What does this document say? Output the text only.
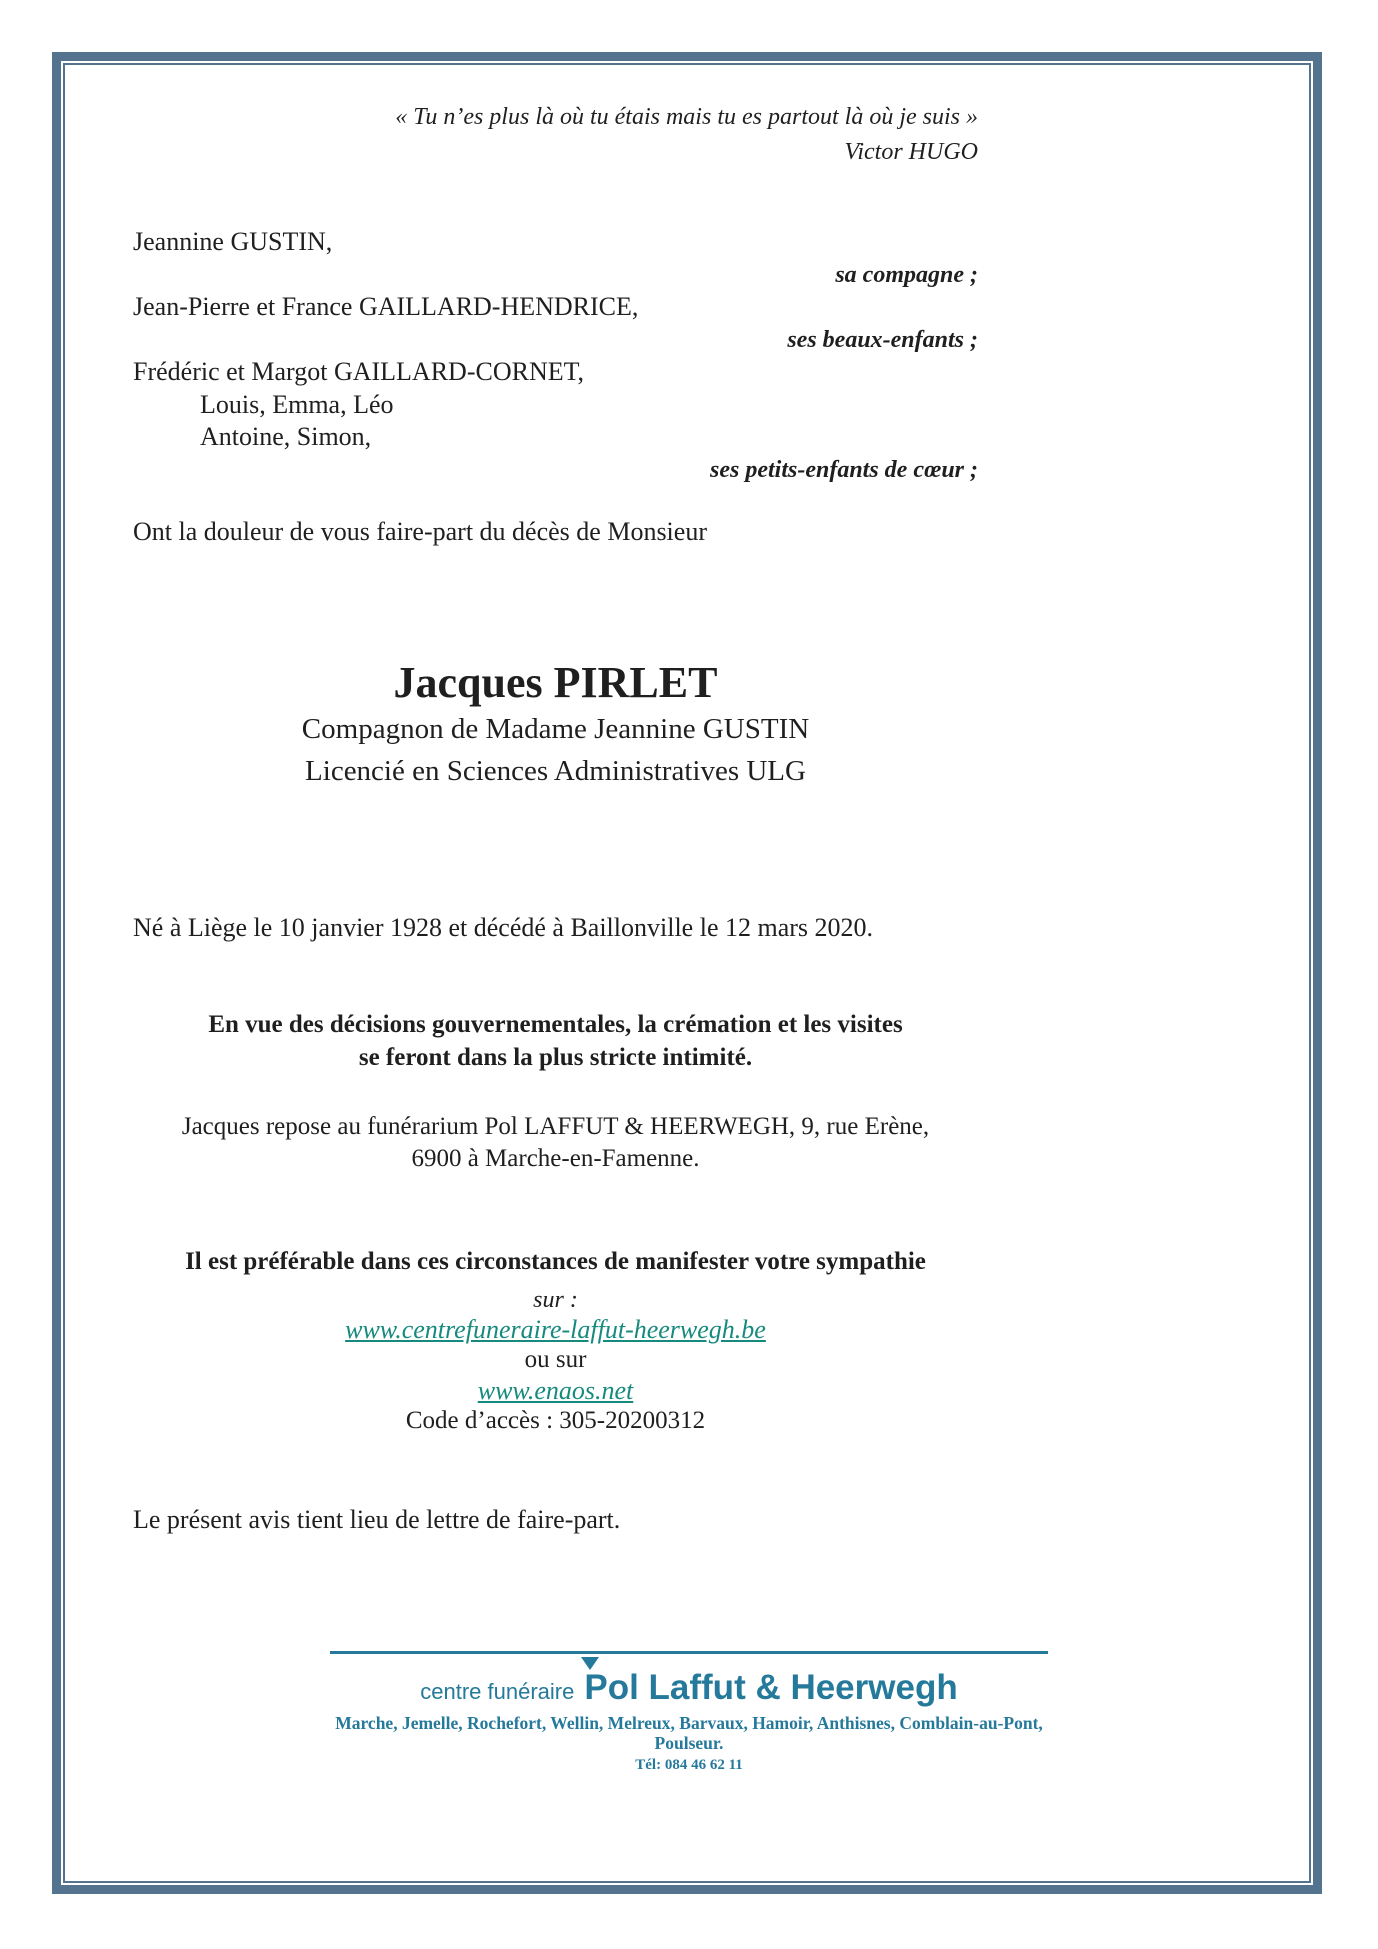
« Tu n’es plus là où tu étais mais tu es partout là où je suis »
Victor HUGO
Jeannine GUSTIN,
sa compagne ;
Jean-Pierre et France GAILLARD-HENDRICE,
ses beaux-enfants ;
Frédéric et Margot GAILLARD-CORNET,
Louis, Emma, Léo
Antoine, Simon,
ses petits-enfants de cœur ;
Ont la douleur de vous faire-part du décès de Monsieur
Jacques PIRLET
Compagnon de Madame Jeannine GUSTIN
Licencié en Sciences Administratives ULG
Né à Liège le 10 janvier 1928 et décédé à Baillonville le 12 mars 2020.
En vue des décisions gouvernementales, la crémation et les visites
se feront dans la plus stricte intimité.
Jacques repose au funérarium Pol LAFFUT & HEERWEGH, 9, rue Erène,
6900 à Marche-en-Famenne.
Il est préférable dans ces circonstances de manifester votre sympathie
sur :
www.centrefuneraire-laffut-heerwegh.be
ou sur
www.enaos.net
Code d’accès : 305-20200312
Le présent avis tient lieu de lettre de faire-part.
centre funéraire Pol Laffut & Heerwegh
Marche, Jemelle, Rochefort, Wellin, Melreux, Barvaux, Hamoir, Anthisnes, Comblain-au-Pont, Poulseur.
Tél: 084 46 62 11
